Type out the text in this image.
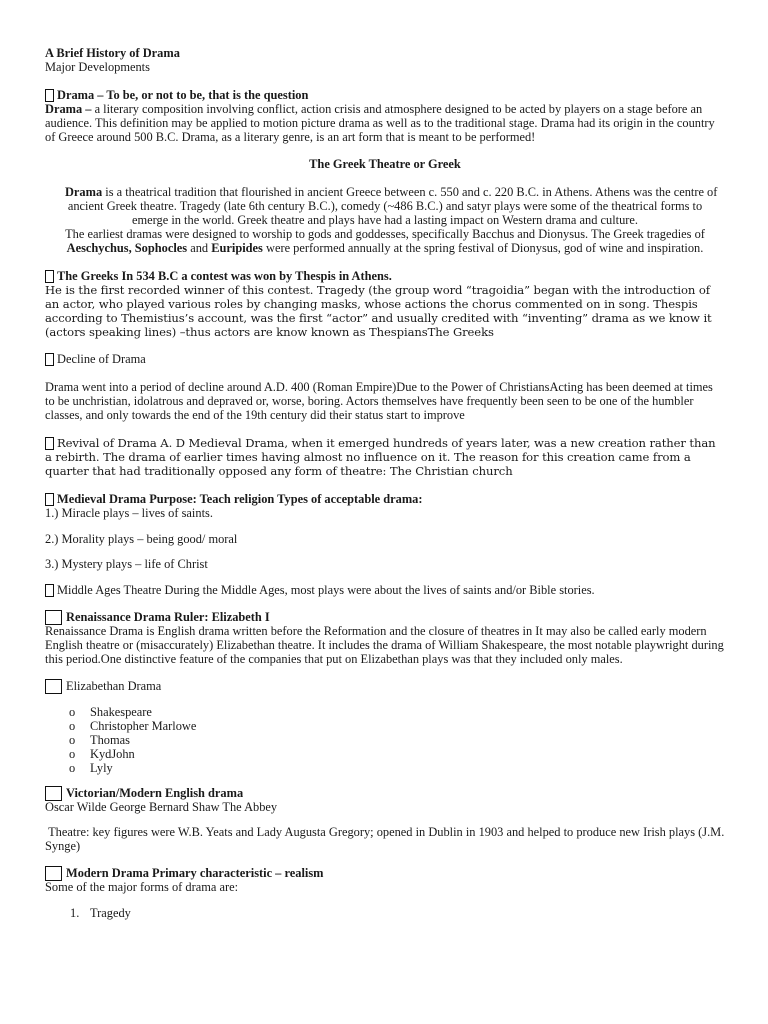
A Brief History of Drama

Major Developments

Drama – To be, or not to be, that is the question

Drama – a literary composition involving conflict, action crisis and atmosphere designed to be acted by players on a stage before an audience. This definition may be applied to motion picture drama as well as to the traditional stage. Drama had its origin in the country of Greece around 500 B.C. Drama, as a literary genre, is an art form that is meant to be performed!

The Greek Theatre or Greek

Drama is a theatrical tradition that flourished in ancient Greece between c. 550 and c. 220 B.C. in Athens. Athens was the centre of ancient Greek theatre. Tragedy (late 6th century B.C.), comedy (~486 B.C.) and satyr plays were some of the theatrical forms to emerge in the world. Greek theatre and plays have had a lasting impact on Western drama and culture.

The earliest dramas were designed to worship to gods and goddesses, specifically Bacchus and Dionysus. The Greek tragedies of Aeschychus, Sophocles and Euripides were performed annually at the spring festival of Dionysus, god of wine and inspiration.

The Greeks In 534 B.C a contest was won by Thespis in Athens.

He is the first recorded winner of this contest. Tragedy (the group word “tragoidia” began with the introduction of an actor, who played various roles by changing masks, whose actions the chorus commented on in song. Thespis according to Themistius’s account, was the first “actor” and usually credited with “inventing” drama as we know it (actors speaking lines) –thus actors are know known as ThespiansThe Greeks

Decline of Drama

Drama went into a period of decline around A.D. 400 (Roman Empire)Due to the Power of ChristiansActing has been deemed at times to be unchristian, idolatrous and depraved or, worse, boring. Actors themselves have frequently been seen to be one of the humbler classes, and only towards the end of the 19th century did their status start to improve

Revival of Drama A. D Medieval Drama, when it emerged hundreds of years later, was a new creation rather than a rebirth. The drama of earlier times having almost no influence on it. The reason for this creation came from a quarter that had traditionally opposed any form of theatre: The Christian church

Medieval Drama Purpose: Teach religion Types of acceptable drama:

1.) Miracle plays – lives of saints.

2.) Morality plays – being good/ moral

3.) Mystery plays – life of Christ

Middle Ages Theatre During the Middle Ages, most plays were about the lives of saints and/or Bible stories.

Renaissance Drama Ruler: Elizabeth I

Renaissance Drama is English drama written before the Reformation and the closure of theatres in It may also be called early modern English theatre or (misaccurately) Elizabethan theatre. It includes the drama of William Shakespeare, the most notable playwright during this period.One distinctive feature of the companies that put on Elizabethan plays was that they included only males.

Elizabethan Drama

o Shakespeare
o Christopher Marlowe
o Thomas
o KydJohn
o Lyly

Victorian/Modern English drama

Oscar Wilde George Bernard Shaw The Abbey

Theatre: key figures were W.B. Yeats and Lady Augusta Gregory; opened in Dublin in 1903 and helped to produce new Irish plays (J.M. Synge)

Modern Drama Primary characteristic – realism

Some of the major forms of drama are:

1. Tragedy
